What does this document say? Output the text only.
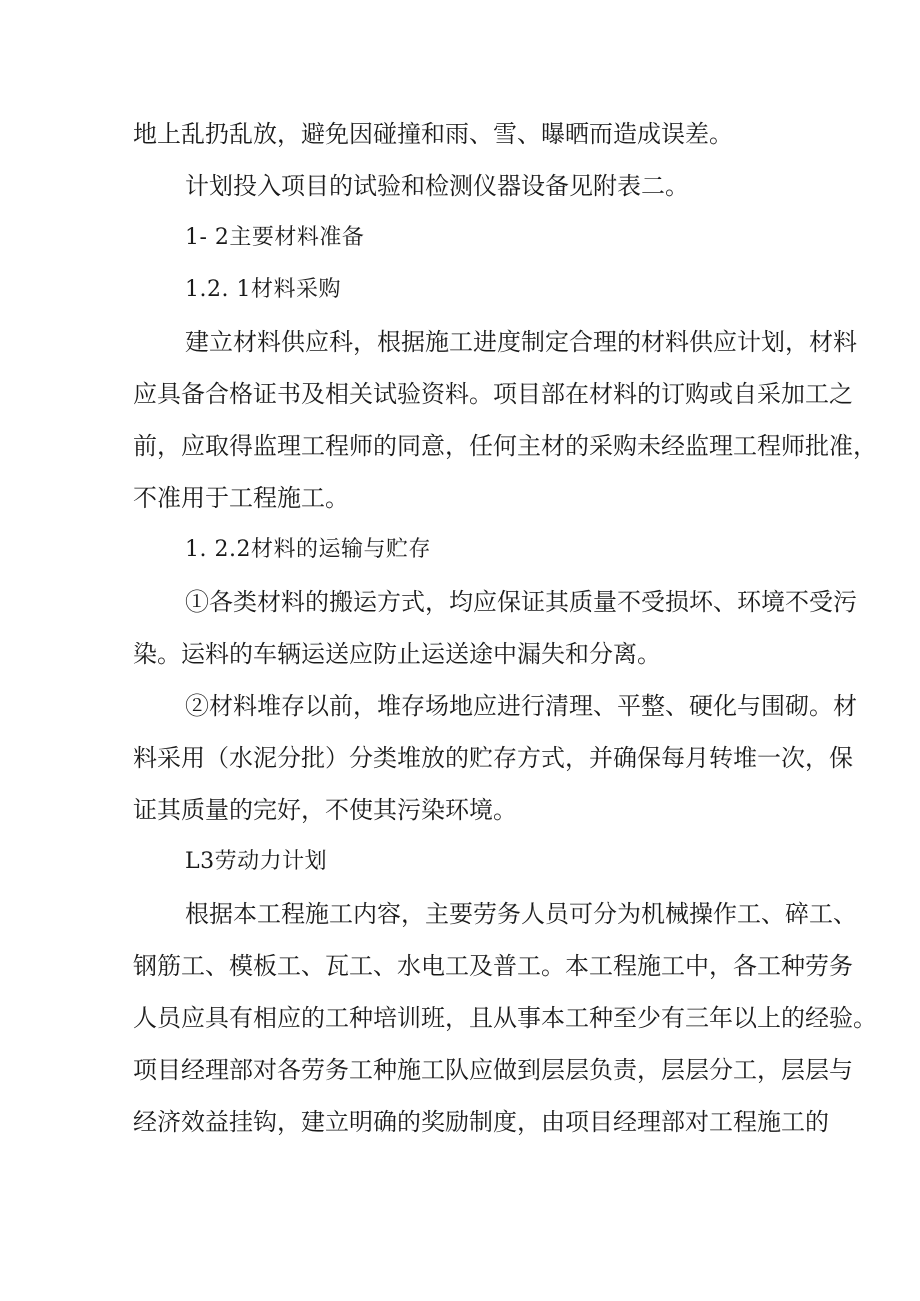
地上乱扔乱放，避免因碰撞和雨、雪、曝晒而造成误差。
计划投入项目的试验和检测仪器设备见附表二。
1- 2主要材料准备
1.2. 1材料采购
建立材料供应科，根据施工进度制定合理的材料供应计划，材料
应具备合格证书及相关试验资料。项目部在材料的订购或自采加工之
前，应取得监理工程师的同意，任何主材的采购未经监理工程师批准，
不准用于工程施工。
1. 2.2材料的运输与贮存
①各类材料的搬运方式，均应保证其质量不受损坏、环境不受污
染。运料的车辆运送应防止运送途中漏失和分离。
②材料堆存以前，堆存场地应进行清理、平整、硬化与围砌。材
料采用（水泥分批）分类堆放的贮存方式，并确保每月转堆一次，保
证其质量的完好，不使其污染环境。
L3劳动力计划
根据本工程施工内容，主要劳务人员可分为机械操作工、碎工、
钢筋工、模板工、瓦工、水电工及普工。本工程施工中，各工种劳务
人员应具有相应的工种培训班，且从事本工种至少有三年以上的经验。
项目经理部对各劳务工种施工队应做到层层负责，层层分工，层层与
经济效益挂钩，建立明确的奖励制度，由项目经理部对工程施工的
